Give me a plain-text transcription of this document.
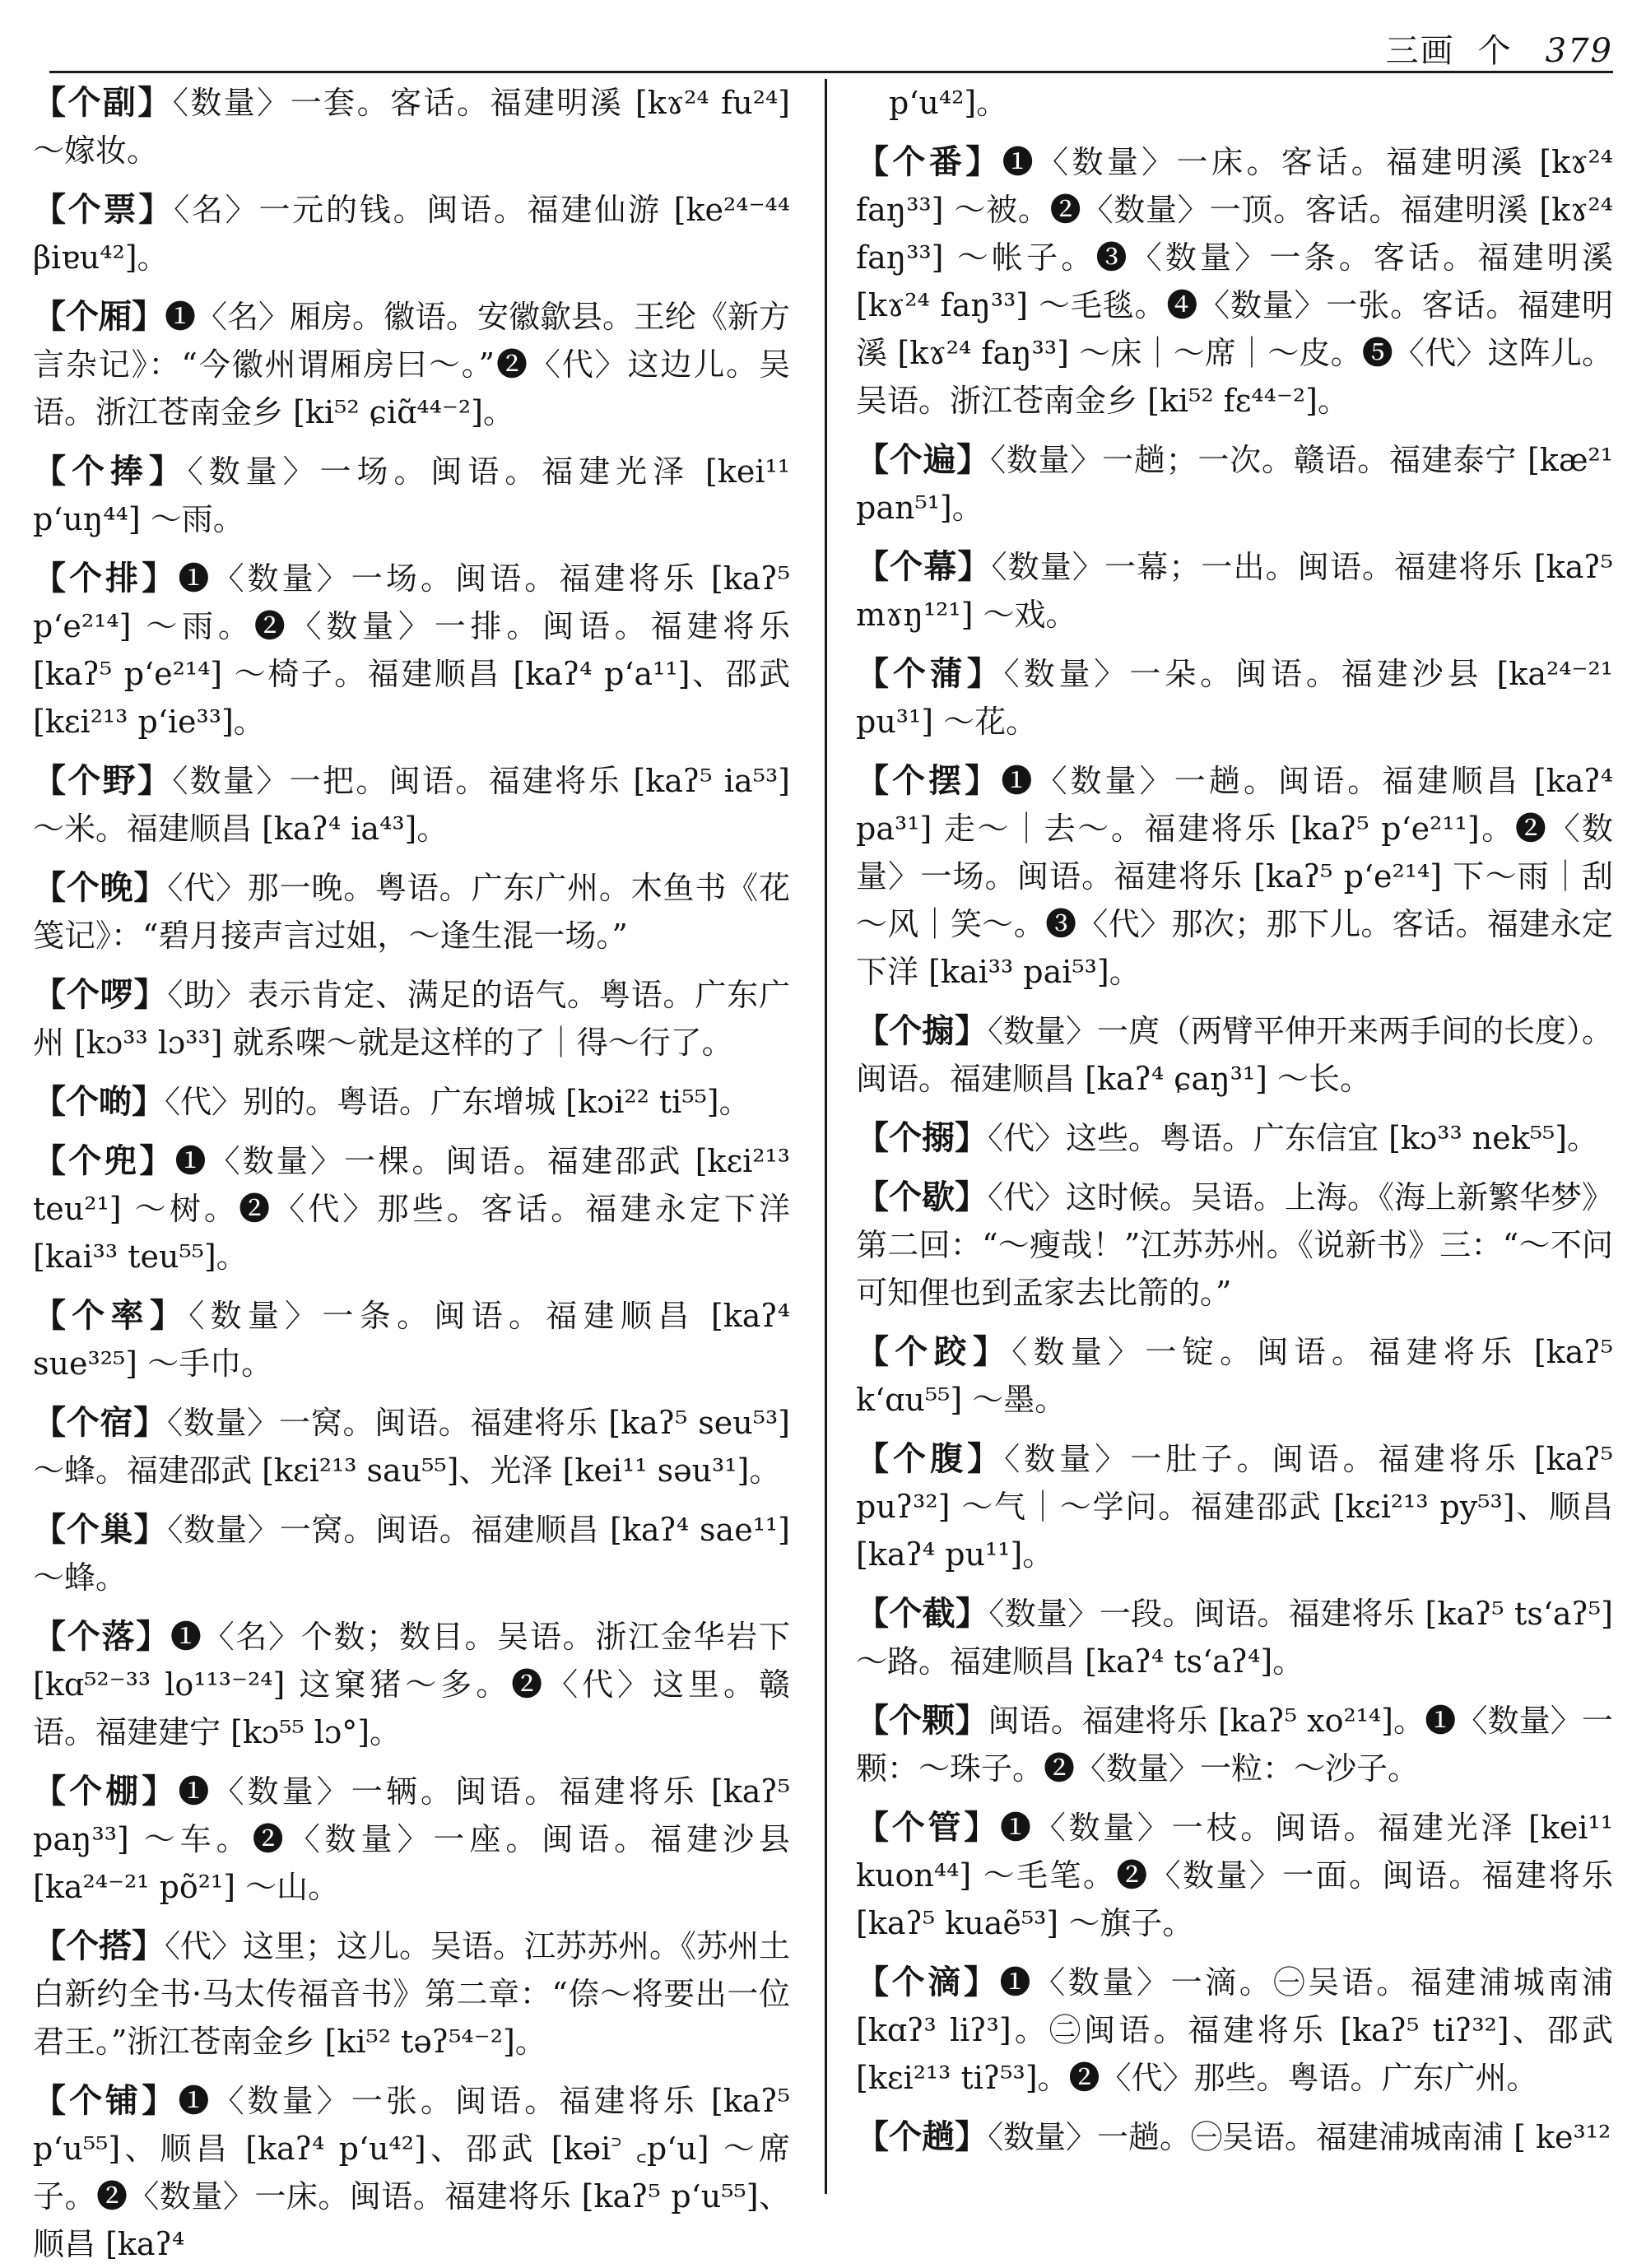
三画 个 379

【个副】〈数量〉一套。客话。福建明溪 [kɤ²⁴ fu²⁴] ～嫁妆。

【个票】〈名〉一元的钱。闽语。福建仙游 [ke²⁴⁻⁴⁴ βiɐu⁴²]。

【个厢】❶〈名〉厢房。徽语。安徽歙县。王纶《新方言杂记》：“今徽州谓厢房曰～。”❷〈代〉这边儿。吴语。浙江苍南金乡 [ki⁵² ɕiɑ̃⁴⁴⁻²]。

【个捧】〈数量〉一场。闽语。福建光泽 [kei¹¹ pʻuŋ⁴⁴] ～雨。

【个排】❶〈数量〉一场。闽语。福建将乐 [kaʔ⁵ pʻe²¹⁴] ～雨。❷〈数量〉一排。闽语。福建将乐 [kaʔ⁵ pʻe²¹⁴] ～椅子。福建顺昌 [kaʔ⁴ pʻa¹¹]、邵武 [kɛi²¹³ pʻie³³]。

【个野】〈数量〉一把。闽语。福建将乐 [kaʔ⁵ ia⁵³] ～米。福建顺昌 [kaʔ⁴ ia⁴³]。

【个晚】〈代〉那一晚。粤语。广东广州。木鱼书《花笺记》：“碧月接声言过姐，～逢生混一场。”

【个啰】〈助〉表示肯定、满足的语气。粤语。广东广州 [kɔ³³ lɔ³³] 就系㗎～就是这样的了｜得～行了。

【个啲】〈代〉别的。粤语。广东增城 [kɔi²² ti⁵⁵]。

【个兜】❶〈数量〉一棵。闽语。福建邵武 [kɛi²¹³ teu²¹] ～树。❷〈代〉那些。客话。福建永定下洋 [kai³³ teu⁵⁵]。

【个率】〈数量〉一条。闽语。福建顺昌 [kaʔ⁴ sue³²⁵] ～手巾。

【个宿】〈数量〉一窝。闽语。福建将乐 [kaʔ⁵ seu⁵³] ～蜂。福建邵武 [kɛi²¹³ sau⁵⁵]、光泽 [kei¹¹ səu³¹]。

【个巢】〈数量〉一窝。闽语。福建顺昌 [kaʔ⁴ sae¹¹] ～蜂。

【个落】❶〈名〉个数；数目。吴语。浙江金华岩下 [kɑ⁵²⁻³³ lo¹¹³⁻²⁴] 这窠猪～多。❷〈代〉这里。赣语。福建建宁 [kɔ⁵⁵ lɔ°]。

【个棚】❶〈数量〉一辆。闽语。福建将乐 [kaʔ⁵ paŋ³³] ～车。❷〈数量〉一座。闽语。福建沙县 [ka²⁴⁻²¹ põ²¹] ～山。

【个搭】〈代〉这里；这儿。吴语。江苏苏州。《苏州土白新约全书·马太传福音书》第二章：“倷～将要出一位君王。”浙江苍南金乡 [ki⁵² təʔ⁵⁴⁻²]。

【个铺】❶〈数量〉一张。闽语。福建将乐 [kaʔ⁵ pʻu⁵⁵]、顺昌 [kaʔ⁴ pʻu⁴²]、邵武 [kəi꜄ ꜀pʻu] ～席子。❷〈数量〉一床。闽语。福建将乐 [kaʔ⁵ pʻu⁵⁵]、顺昌 [kaʔ⁴

pʻu⁴²]。

【个番】❶〈数量〉一床。客话。福建明溪 [kɤ²⁴ faŋ³³] ～被。❷〈数量〉一顶。客话。福建明溪 [kɤ²⁴ faŋ³³] ～帐子。❸〈数量〉一条。客话。福建明溪 [kɤ²⁴ faŋ³³] ～毛毯。❹〈数量〉一张。客话。福建明溪 [kɤ²⁴ faŋ³³] ～床｜～席｜～皮。❺〈代〉这阵儿。吴语。浙江苍南金乡 [ki⁵² fɛ⁴⁴⁻²]。

【个遍】〈数量〉一趟；一次。赣语。福建泰宁 [kæ²¹ pan⁵¹]。

【个幕】〈数量〉一幕；一出。闽语。福建将乐 [kaʔ⁵ mɤŋ¹²¹] ～戏。

【个蒲】〈数量〉一朵。闽语。福建沙县 [ka²⁴⁻²¹ pu³¹] ～花。

【个摆】❶〈数量〉一趟。闽语。福建顺昌 [kaʔ⁴ pa³¹] 走～｜去～。福建将乐 [kaʔ⁵ pʻe²¹¹]。❷〈数量〉一场。闽语。福建将乐 [kaʔ⁵ pʻe²¹⁴] 下～雨｜刮～风｜笑～。❸〈代〉那次；那下儿。客话。福建永定下洋 [kai³³ pai⁵³]。

【个搧】〈数量〉一庹（两臂平伸开来两手间的长度）。闽语。福建顺昌 [kaʔ⁴ ɕaŋ³¹] ～长。

【个搦】〈代〉这些。粤语。广东信宜 [kɔ³³ nek⁵⁵]。

【个歇】〈代〉这时候。吴语。上海。《海上新繁华梦》第二回：“～瘦哉！”江苏苏州。《说新书》三：“～不问可知俚也到孟家去比箭的。”

【个跤】〈数量〉一锭。闽语。福建将乐 [kaʔ⁵ kʻɑu⁵⁵] ～墨。

【个腹】〈数量〉一肚子。闽语。福建将乐 [kaʔ⁵ puʔ³²] ～气｜～学问。福建邵武 [kɛi²¹³ py⁵³]、顺昌 [kaʔ⁴ pu¹¹]。

【个截】〈数量〉一段。闽语。福建将乐 [kaʔ⁵ tsʻaʔ⁵] ～路。福建顺昌 [kaʔ⁴ tsʻaʔ⁴]。

【个颗】闽语。福建将乐 [kaʔ⁵ xo²¹⁴]。❶〈数量〉一颗：～珠子。❷〈数量〉一粒：～沙子。

【个管】❶〈数量〉一枝。闽语。福建光泽 [kei¹¹ kuon⁴⁴] ～毛笔。❷〈数量〉一面。闽语。福建将乐 [kaʔ⁵ kuaẽ⁵³] ～旗子。

【个滴】❶〈数量〉一滴。㊀吴语。福建浦城南浦 [kɑʔ³ liʔ³]。㊁闽语。福建将乐 [kaʔ⁵ tiʔ³²]、邵武 [kɛi²¹³ tiʔ⁵³]。❷〈代〉那些。粤语。广东广州。

【个趟】〈数量〉一趟。㊀吴语。福建浦城南浦 [ ke³¹²
